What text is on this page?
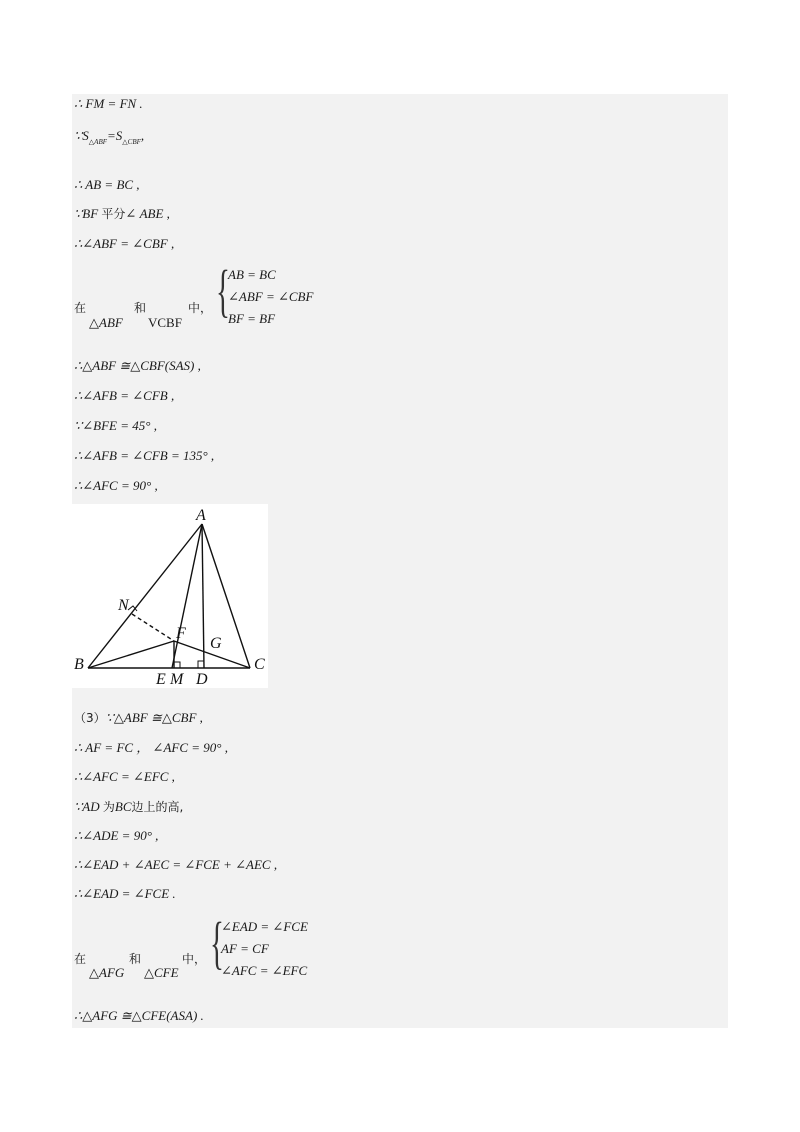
∴ FM = FN .
$\because S_{\triangle ABF}=S_{\triangle CBF}$,
∴ AB = BC ,
∵BF 平分∠ ABE ,
∴∠ABF = ∠CBF ,
在	和	中，
△ABF VCBF {
AB = BC
∠ABF = ∠CBF
BF = BF
∴△ABF ≅△CBF(SAS) ,
∴∠AFB = ∠CFB ,
∵∠BFE = 45° ,
∴∠AFB = ∠CFB = 135° ,
∴∠AFC = 90° ,
A
N
F
G
B	C
E M D
（3）∵△ABF ≅△CBF ,
∴ AF = FC ， ∠AFC = 90° ,
∴∠AFC = ∠EFC ,
∵AD 为BC边上的高,
∴∠ADE = 90° ,
∴∠EAD + ∠AEC = ∠FCE + ∠AEC ,
∴∠EAD = ∠FCE .
在	和	中，
△AFG △CFE {
∠EAD = ∠FCE
AF = CF
∠AFC = ∠EFC
∴△AFG ≅△CFE(ASA) .
